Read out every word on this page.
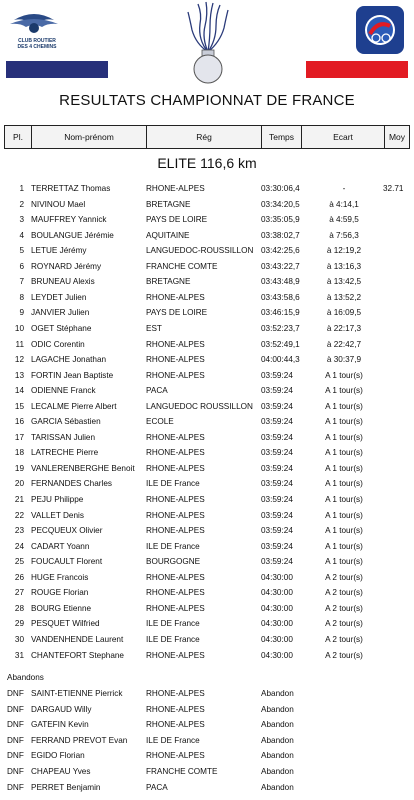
CLUB ROUTIER
DES 4 CHEMINS
RESULTATS CHAMPIONNAT DE FRANCE
Pl.	Nom-prénom	Rég	Temps	Ecart	Moy
ELITE 116,6 km
1 TERRETTAZ Thomas	RHONE-ALPES	03:30:06,4	-	32.71
2 NIVINOU Mael	BRETAGNE	03:34:20,5	à 4:14,1
3 MAUFFREY Yannick	PAYS DE LOIRE	03:35:05,9	à 4:59,5
4 BOULANGUE Jérémie	AQUITAINE	03:38:02,7	à 7:56,3
5 LETUE Jérémy	LANGUEDOC-ROUSSILLON 03:42:25,6	à 12:19,2
6 ROYNARD Jérémy	FRANCHE COMTE	03:43:22,7	à 13:16,3
7 BRUNEAU Alexis	BRETAGNE	03:43:48,9	à 13:42,5
8 LEYDET Julien	RHONE-ALPES	03:43:58,6	à 13:52,2
9 JANVIER Julien	PAYS DE LOIRE	03:46:15,9	à 16:09,5
10 OGET Stéphane	EST	03:52:23,7	à 22:17,3
11 ODIC Corentin	RHONE-ALPES	03:52:49,1	à 22:42,7
12 LAGACHE Jonathan	RHONE-ALPES	04:00:44,3	à 30:37,9
13 FORTIN Jean Baptiste	RHONE-ALPES	03:59:24	A 1 tour(s)
14 ODIENNE Franck	PACA	03:59:24	A 1 tour(s)
15 LECALME Pierre Albert	LANGUEDOC ROUSSILLON 03:59:24	A 1 tour(s)
16 GARCIA Sébastien	ECOLE	03:59:24	A 1 tour(s)
17 TARISSAN Julien	RHONE-ALPES	03:59:24	A 1 tour(s)
18 LATRECHE Pierre	RHONE-ALPES	03:59:24	A 1 tour(s)
19 VANLERENBERGHE Benoit RHONE-ALPES	03:59:24	A 1 tour(s)
20 FERNANDES Charles	ILE DE France	03:59:24	A 1 tour(s)
21 PEJU Philippe	RHONE-ALPES	03:59:24	A 1 tour(s)
22 VALLET Denis	RHONE-ALPES	03:59:24	A 1 tour(s)
23 PECQUEUX Olivier	RHONE-ALPES	03:59:24	A 1 tour(s)
24 CADART Yoann	ILE DE France	03:59:24	A 1 tour(s)
25 FOUCAULT Florent	BOURGOGNE	03:59:24	A 1 tour(s)
26 HUGE Francois	RHONE-ALPES	04:30:00	A 2 tour(s)
27 ROUGE Florian	RHONE-ALPES	04:30:00	A 2 tour(s)
28 BOURG Etienne	RHONE-ALPES	04:30:00	A 2 tour(s)
29 PESQUET Wilfried	ILE DE France	04:30:00	A 2 tour(s)
30 VANDENHENDE Laurent	ILE DE France	04:30:00	A 2 tour(s)
31 CHANTEFORT Stephane	RHONE-ALPES	04:30:00	A 2 tour(s)
Abandons
DNF SAINT-ETIENNE Pierrick	RHONE-ALPES	Abandon
DNF DARGAUD Willy	RHONE-ALPES	Abandon
DNF GATEFIN Kevin	RHONE-ALPES	Abandon
DNF FERRAND PREVOT Evan ILE DE France	Abandon
DNF EGIDO Florian	RHONE-ALPES	Abandon
DNF CHAPEAU Yves	FRANCHE COMTE	Abandon
DNF PERRET Benjamin	PACA	Abandon
